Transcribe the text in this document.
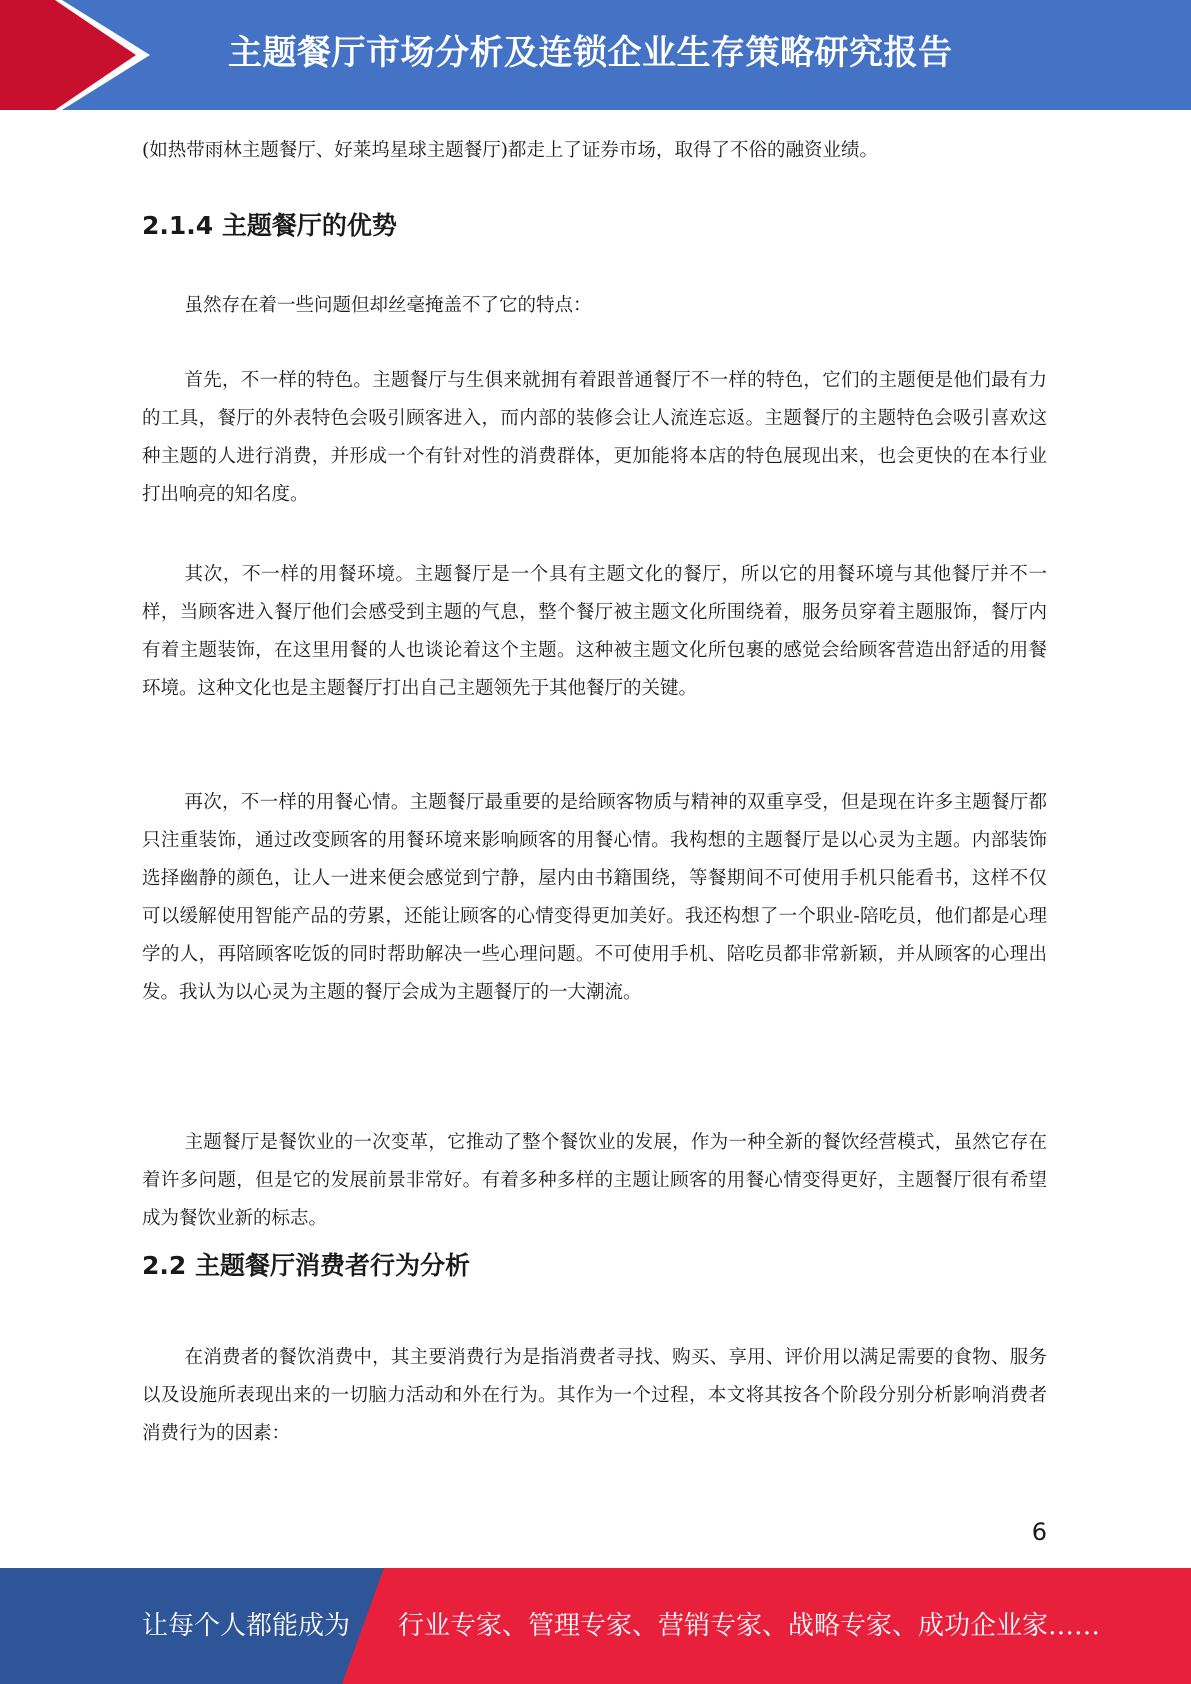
主题餐厅市场分析及连锁企业生存策略研究报告

(如热带雨林主题餐厅、好莱坞星球主题餐厅)都走上了证券市场，取得了不俗的融资业绩。

2.1.4 主题餐厅的优势

虽然存在着一些问题但却丝毫掩盖不了它的特点：

首先，不一样的特色。主题餐厅与生俱来就拥有着跟普通餐厅不一样的特色，它们的主题便是他们最有力的工具，餐厅的外表特色会吸引顾客进入，而内部的装修会让人流连忘返。主题餐厅的主题特色会吸引喜欢这种主题的人进行消费，并形成一个有针对性的消费群体，更加能将本店的特色展现出来，也会更快的在本行业打出响亮的知名度。

其次，不一样的用餐环境。主题餐厅是一个具有主题文化的餐厅，所以它的用餐环境与其他餐厅并不一样，当顾客进入餐厅他们会感受到主题的气息，整个餐厅被主题文化所围绕着，服务员穿着主题服饰，餐厅内有着主题装饰，在这里用餐的人也谈论着这个主题。这种被主题文化所包裹的感觉会给顾客营造出舒适的用餐环境。这种文化也是主题餐厅打出自己主题领先于其他餐厅的关键。

再次，不一样的用餐心情。主题餐厅最重要的是给顾客物质与精神的双重享受，但是现在许多主题餐厅都只注重装饰，通过改变顾客的用餐环境来影响顾客的用餐心情。我构想的主题餐厅是以心灵为主题。内部装饰选择幽静的颜色，让人一进来便会感觉到宁静，屋内由书籍围绕，等餐期间不可使用手机只能看书，这样不仅可以缓解使用智能产品的劳累，还能让顾客的心情变得更加美好。我还构想了一个职业-陪吃员，他们都是心理学的人，再陪顾客吃饭的同时帮助解决一些心理问题。不可使用手机、陪吃员都非常新颖，并从顾客的心理出发。我认为以心灵为主题的餐厅会成为主题餐厅的一大潮流。

主题餐厅是餐饮业的一次变革，它推动了整个餐饮业的发展，作为一种全新的餐饮经营模式，虽然它存在着许多问题，但是它的发展前景非常好。有着多种多样的主题让顾客的用餐心情变得更好，主题餐厅很有希望成为餐饮业新的标志。

2.2 主题餐厅消费者行为分析

在消费者的餐饮消费中，其主要消费行为是指消费者寻找、购买、享用、评价用以满足需要的食物、服务以及设施所表现出来的一切脑力活动和外在行为。其作为一个过程，本文将其按各个阶段分别分析影响消费者消费行为的因素：

6
让每个人都能成为 行业专家、管理专家、营销专家、战略专家、成功企业家……
